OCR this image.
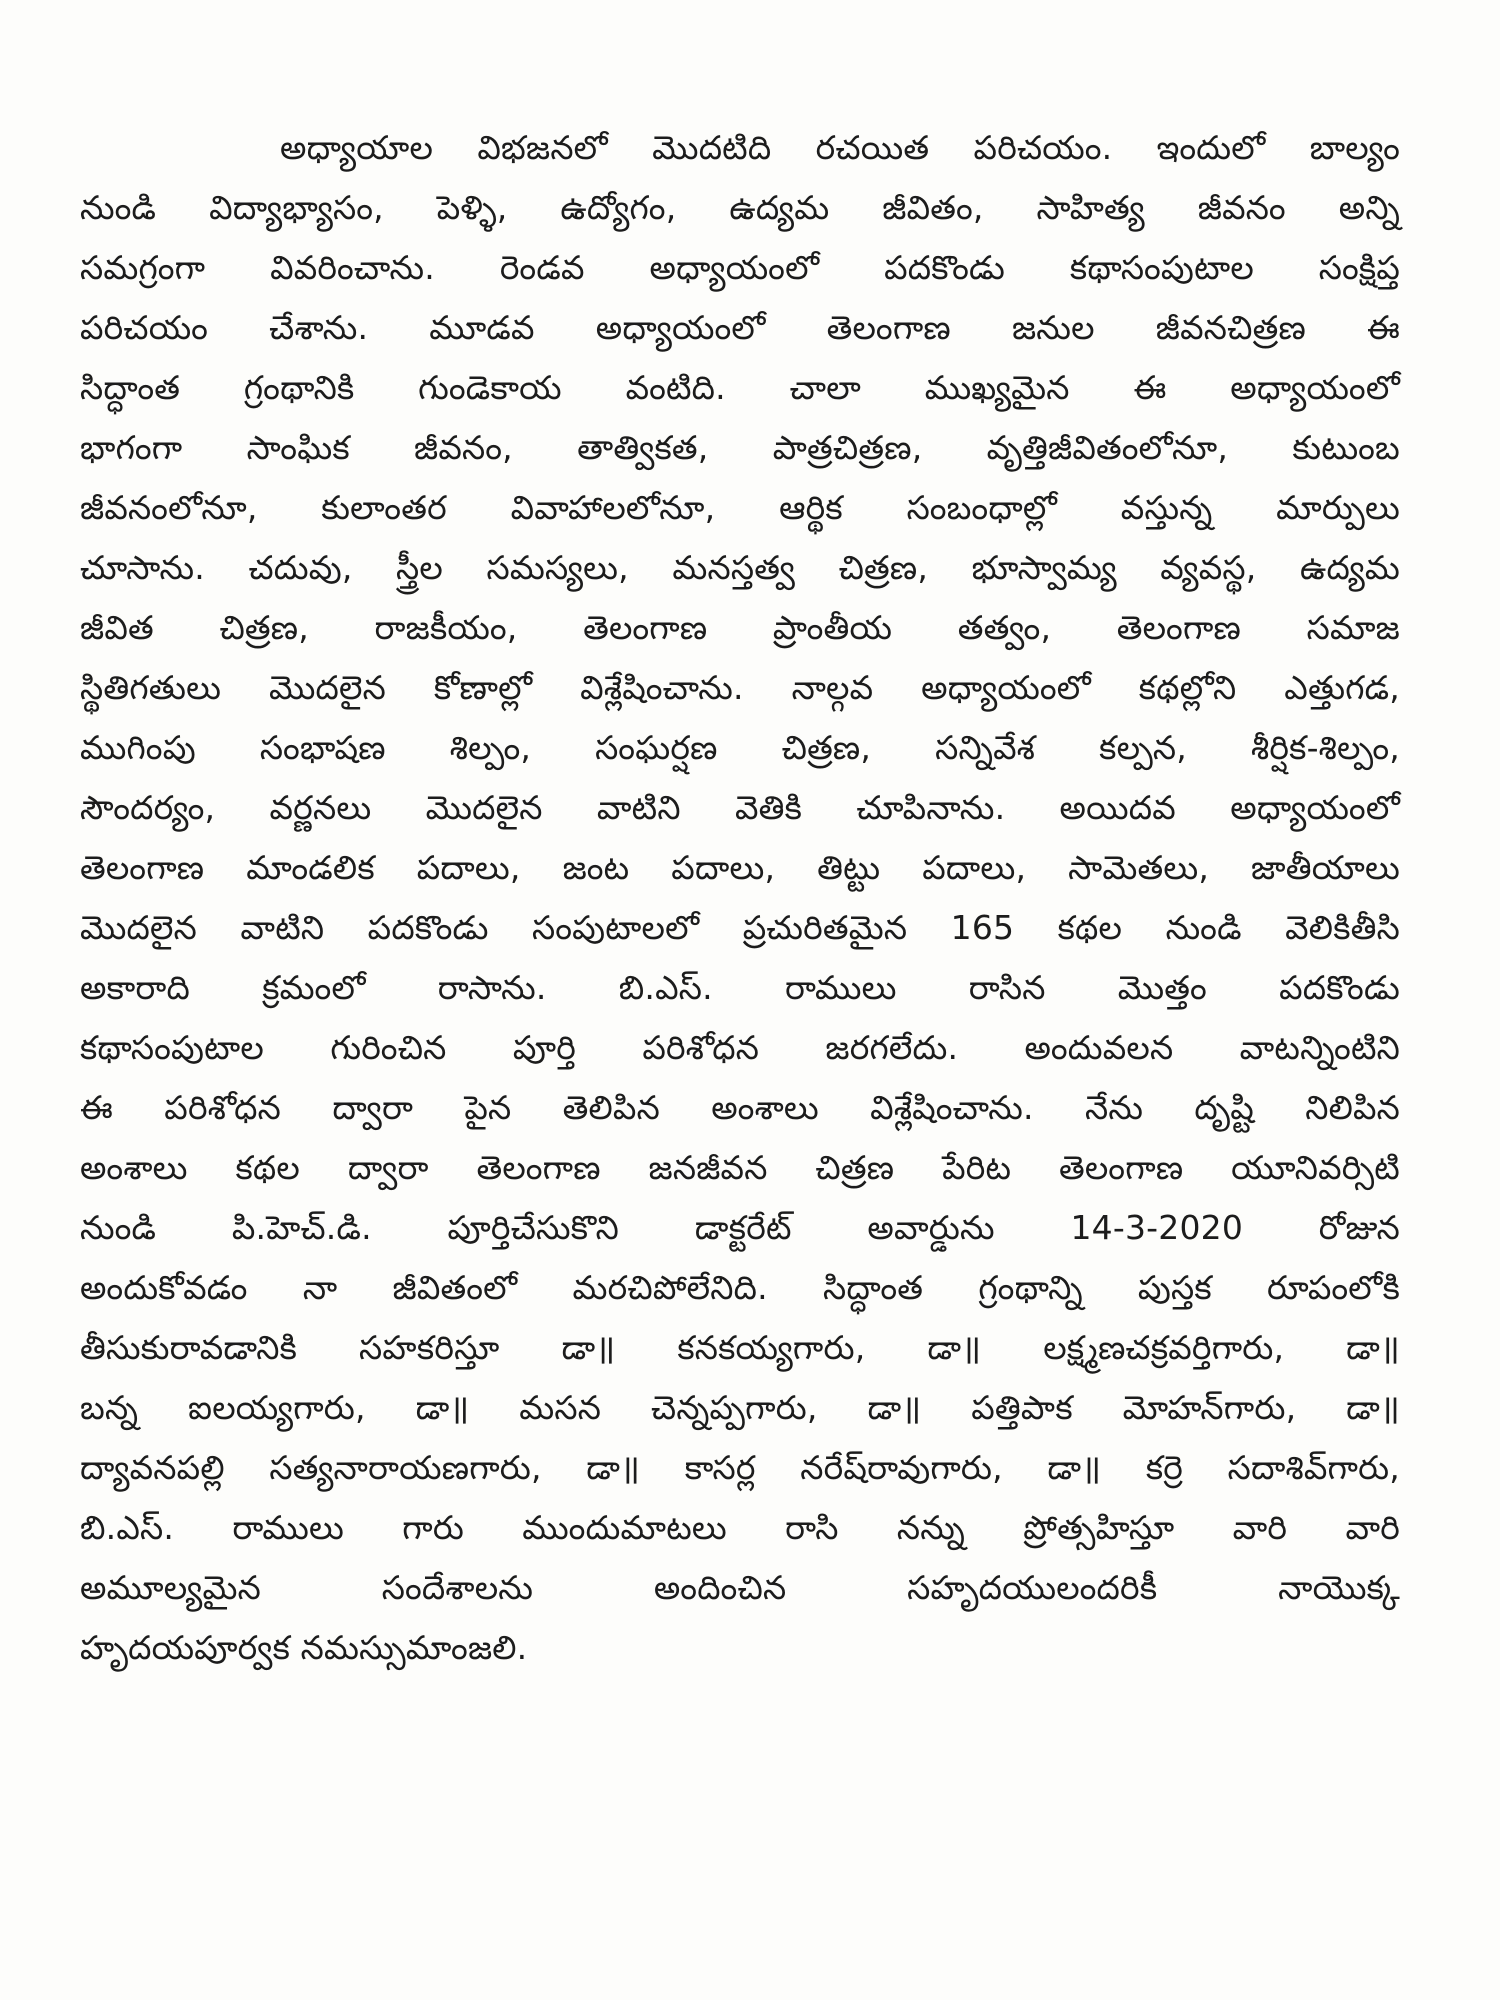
అధ్యాయాల విభజనలో మొదటిది రచయిత పరిచయం. ఇందులో బాల్యం
నుండి విద్యాభ్యాసం, పెళ్ళి, ఉద్యోగం, ఉద్యమ జీవితం, సాహిత్య జీవనం అన్ని
సమగ్రంగా వివరించాను. రెండవ అధ్యాయంలో పదకొండు కథాసంపుటాల సంక్షిప్త
పరిచయం చేశాను. మూడవ అధ్యాయంలో తెలంగాణ జనుల జీవనచిత్రణ ఈ
సిద్ధాంత గ్రంథానికి గుండెకాయ వంటిది. చాలా ముఖ్యమైన ఈ అధ్యాయంలో
భాగంగా సాంఘిక జీవనం, తాత్వికత, పాత్రచిత్రణ, వృత్తిజీవితంలోనూ, కుటుంబ
జీవనంలోనూ, కులాంతర వివాహాలలోనూ, ఆర్థిక సంబంధాల్లో వస్తున్న మార్పులు
చూసాను. చదువు, స్త్రీల సమస్యలు, మనస్తత్వ చిత్రణ, భూస్వామ్య వ్యవస్థ, ఉద్యమ
జీవిత చిత్రణ, రాజకీయం, తెలంగాణ ప్రాంతీయ తత్వం, తెలంగాణ సమాజ
స్థితిగతులు మొదలైన కోణాల్లో విశ్లేషించాను. నాల్గవ అధ్యాయంలో కథల్లోని ఎత్తుగడ,
ముగింపు సంభాషణ శిల్పం, సంఘర్షణ చిత్రణ, సన్నివేశ కల్పన, శీర్షిక-శిల్పం,
సౌందర్యం, వర్ణనలు మొదలైన వాటిని వెతికి చూపినాను. అయిదవ అధ్యాయంలో
తెలంగాణ మాండలిక పదాలు, జంట పదాలు, తిట్టు పదాలు, సామెతలు, జాతీయాలు
మొదలైన వాటిని పదకొండు సంపుటాలలో ప్రచురితమైన 165 కథల నుండి వెలికితీసి
అకారాది క్రమంలో రాసాను. బి.ఎస్. రాములు రాసిన మొత్తం పదకొండు
కథాసంపుటాల గురించిన పూర్తి పరిశోధన జరగలేదు. అందువలన వాటన్నింటిని
ఈ పరిశోధన ద్వారా పైన తెలిపిన అంశాలు విశ్లేషించాను. నేను దృష్టి నిలిపిన
అంశాలు కథల ద్వారా తెలంగాణ జనజీవన చిత్రణ పేరిట తెలంగాణ యూనివర్సిటి
నుండి పి.హెచ్.డి. పూర్తిచేసుకొని డాక్టరేట్ అవార్డును 14-3-2020 రోజున
అందుకోవడం నా జీవితంలో మరచిపోలేనిది. సిద్ధాంత గ్రంథాన్ని పుస్తక రూపంలోకి
తీసుకురావడానికి సహకరిస్తూ డా॥ కనకయ్యగారు, డా॥ లక్ష్మణచక్రవర్తిగారు, డా॥
బన్న ఐలయ్యగారు, డా॥ మసన చెన్నప్పగారు, డా॥ పత్తిపాక మోహన్‌గారు, డా॥
ద్యావనపల్లి సత్యనారాయణగారు, డా॥ కాసర్ల నరేష్‌రావుగారు, డా॥ కర్రె సదాశివ్‌గారు,
బి.ఎస్. రాములు గారు ముందుమాటలు రాసి నన్ను ప్రోత్సహిస్తూ వారి వారి
అమూల్యమైన సందేశాలను అందించిన సహృదయులందరికీ నాయొక్క
హృదయపూర్వక నమస్సుమాంజలి.
